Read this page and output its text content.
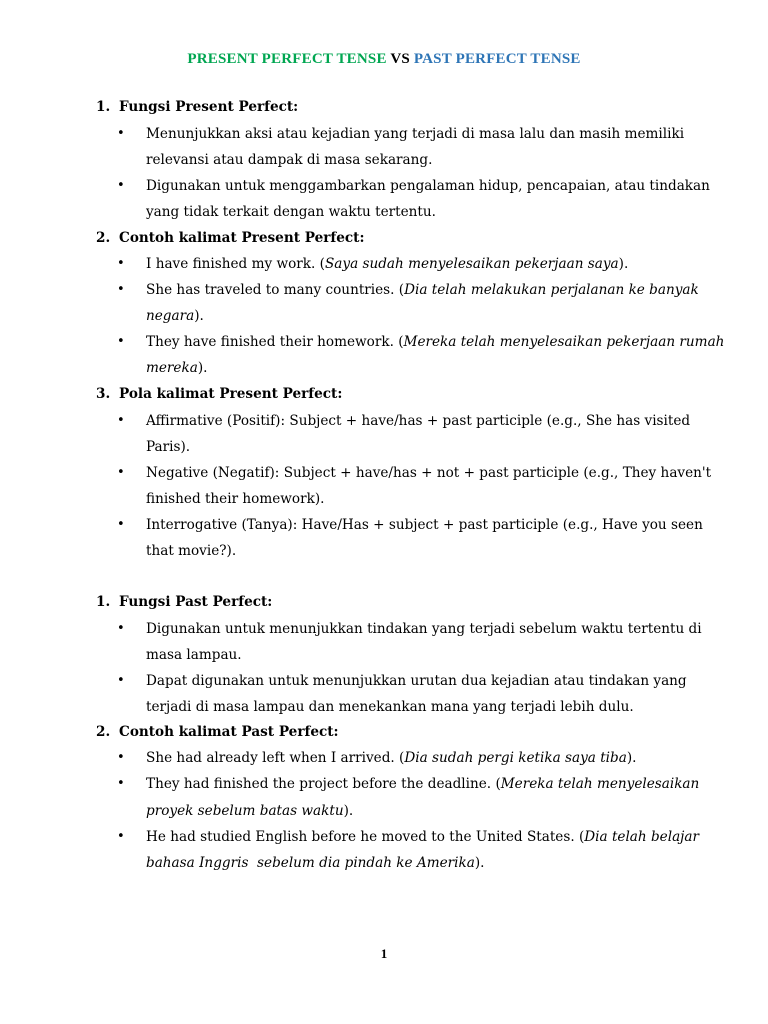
PRESENT PERFECT TENSE VS PAST PERFECT TENSE
1. Fungsi Present Perfect:
• Menunjukkan aksi atau kejadian yang terjadi di masa lalu dan masih memiliki
relevansi atau dampak di masa sekarang.
• Digunakan untuk menggambarkan pengalaman hidup, pencapaian, atau tindakan
yang tidak terkait dengan waktu tertentu.
2. Contoh kalimat Present Perfect:
• I have finished my work. (Saya sudah menyelesaikan pekerjaan saya).
• She has traveled to many countries. (Dia telah melakukan perjalanan ke banyak
negara).
• They have finished their homework. (Mereka telah menyelesaikan pekerjaan rumah
mereka).
3. Pola kalimat Present Perfect:
• Affirmative (Positif): Subject + have/has + past participle (e.g., She has visited
Paris).
• Negative (Negatif): Subject + have/has + not + past participle (e.g., They haven't
finished their homework).
• Interrogative (Tanya): Have/Has + subject + past participle (e.g., Have you seen
that movie?).
1. Fungsi Past Perfect:
• Digunakan untuk menunjukkan tindakan yang terjadi sebelum waktu tertentu di
masa lampau.
• Dapat digunakan untuk menunjukkan urutan dua kejadian atau tindakan yang
terjadi di masa lampau dan menekankan mana yang terjadi lebih dulu.
2. Contoh kalimat Past Perfect:
• She had already left when I arrived. (Dia sudah pergi ketika saya tiba).
• They had finished the project before the deadline. (Mereka telah menyelesaikan
proyek sebelum batas waktu).
• He had studied English before he moved to the United States. (Dia telah belajar
bahasa Inggris  sebelum dia pindah ke Amerika).
1
